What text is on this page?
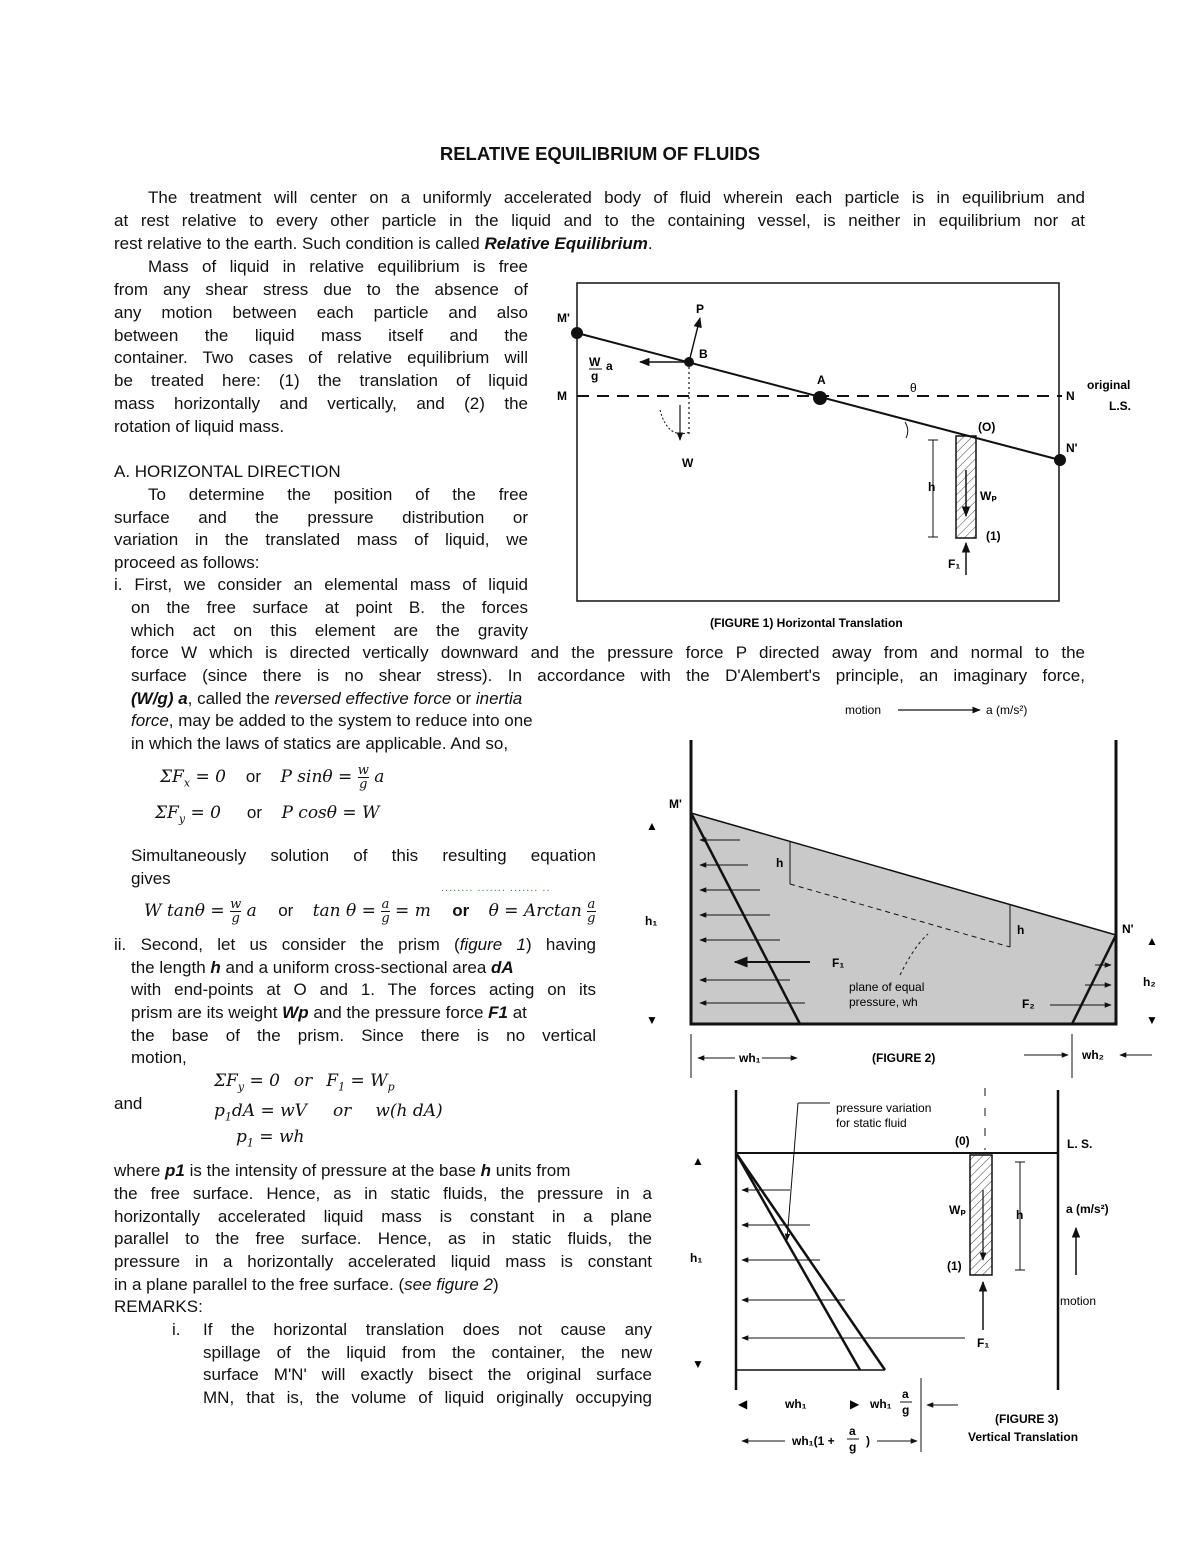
RELATIVE EQUILIBRIUM OF FLUIDS
The treatment will center on a uniformly accelerated body of fluid wherein each particle is in equilibrium and
at rest relative to every other particle in the liquid and to the containing vessel, is neither in equilibrium nor at
rest relative to the earth. Such condition is called Relative Equilibrium.
Mass of liquid in relative equilibrium is free
from any shear stress due to the absence of
any motion between each particle and also
between the liquid mass itself and the
container. Two cases of relative equilibrium will
be treated here: (1) the translation of liquid
mass horizontally and vertically, and (2) the
rotation of liquid mass.
A. HORIZONTAL DIRECTION
To determine the position of the free
surface and the pressure distribution or
variation in the translated mass of liquid, we
proceed as follows:
i. First, we consider an elemental mass of liquid
on the free surface at point B. the forces
which act on this element are the gravity
force W which is directed vertically downward and the pressure force P directed away from and normal to the
surface (since there is no shear stress). In accordance with the D'Alembert's principle, an imaginary force,
(W/g) a, called the reversed effective force or inertia
force, may be added to the system to reduce into one
in which the laws of statics are applicable. And so,
$\Sigma F_x = 0$ or P $\sin\theta = \frac{w}{g}$ a
$\Sigma F_y = 0$ or P cosθ = W
Simultaneously solution of this resulting equation
gives	........ ....... ....... ..
W $\tan\theta = \frac{w}{g}$ a or $\tan \theta = \frac{a}{g} = m$ or θ = Arctan $\frac{a}{g}$
ii. Second, let us consider the prism (figure 1) having
the length h and a uniform cross-sectional area dA
with end-points at O and 1. The forces acting on its
prism are its weight Wp and the pressure force F1 at
the base of the prism. Since there is no vertical
motion,
$\Sigma F_y = 0$ or $F_1 = W_p$
and	$p_1dA$ = wV or w(h dA)
$p_1$ = wh
where p1 is the intensity of pressure at the base h units from
the free surface. Hence, as in static fluids, the pressure in a
horizontally accelerated liquid mass is constant in a plane
parallel to the free surface. Hence, as in static fluids, the
pressure in a horizontally accelerated liquid mass is constant
in a plane parallel to the free surface. (see figure 2)
REMARKS:
i. If the horizontal translation does not cause any
spillage of the liquid from the container, the new
surface M'N' will exactly bisect the original surface
MN, that is, the volume of liquid originally occupying
M'
M	N
N'
P
B
A
W
W
g
a
θ
(O)
h
Wₚ
(1)
F₁
original
L.S.
(FIGURE 1) Horizontal Translation
motion	a (m/s²)
M'
N'
h
h
h₁
h₂
F₁
F₂
plane of equal
pressure, wh
▲
▼
▲
▼
wh₁	wh₂
(FIGURE 2)
pressure variation
for static fluid
(0)	L. S.
Wₚ	h
(1)
a (m/s²)
motion
h₁
▲
▼
F₁
◀	wh₁	▶ wh₁
a
g
wh₁(1 +
a
g )
(FIGURE 3)
Vertical Translation
